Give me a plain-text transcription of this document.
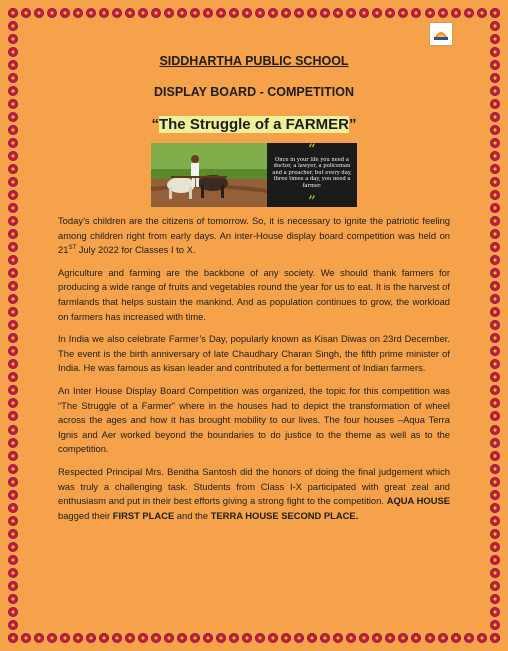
SIDDHARTHA PUBLIC SCHOOL
DISPLAY BOARD - COMPETITION
“The Struggle of a FARMER”
“
Once in your life you need a doctor, a lawyer, a policeman and a preacher, but every day, three times a day, you need a farmer.
”

Today’s children are the citizens of tomorrow. So, it is necessary to ignite the patriotic feeling among children right from early days. An inter-House display board competition was held on 21ST July 2022 for Classes I to X.

Agriculture and farming are the backbone of any society. We should thank farmers for producing a wide range of fruits and vegetables round the year for us to eat. It is the harvest of farmlands that helps sustain the mankind. And as population continues to grow, the workload on farmers has increased with time.

In India we also celebrate Farmer’s Day, popularly known as Kisan Diwas on 23rd December. The event is the birth anniversary of late Chaudhary Charan Singh, the fifth prime minister of India. He was famous as kisan leader and contributed a for betterment of Indian farmers.

An Inter House Display Board Competition was organized, the topic for this competition was “The Struggle of a Farmer” where in the houses had to depict the transformation of wheel across the ages and how it has brought mobility to our lives. The four houses –Aqua Terra Ignis and Aer worked beyond the boundaries to do justice to the theme as well as to the competition.

Respected Principal Mrs. Benitha Santosh did the honors of doing the final judgement which was truly a challenging task. Students from Class I-X participated with great zeal and enthusiasm and put in their best efforts giving a strong fight to the competition. AQUA HOUSE bagged their FIRST PLACE and the TERRA HOUSE SECOND PLACE.
